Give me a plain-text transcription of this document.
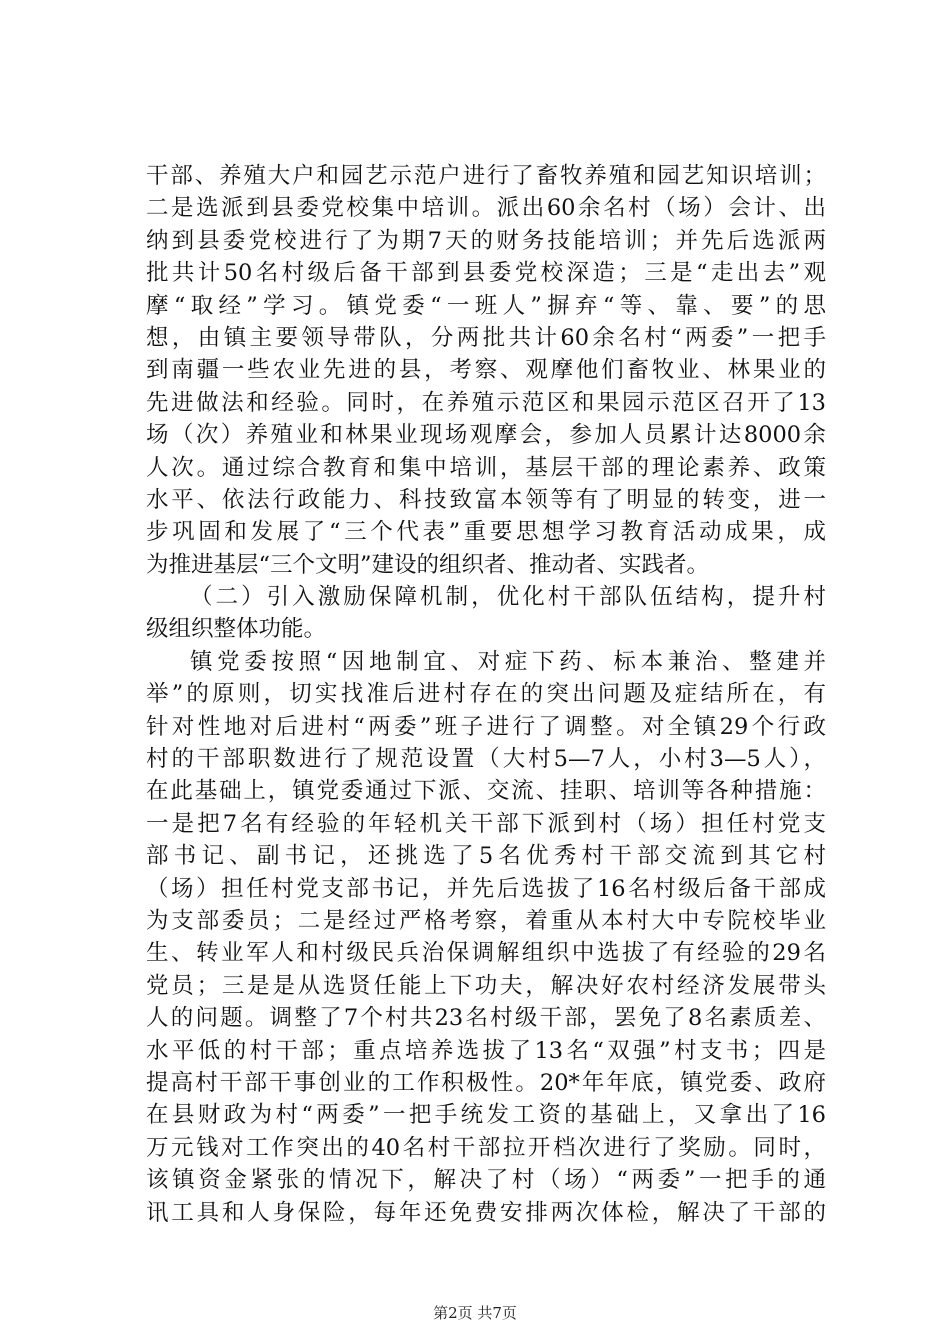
干部、养殖大户和园艺示范户进行了畜牧养殖和园艺知识培训；
二是选派到县委党校集中培训。派出60余名村（场）会计、出
纳到县委党校进行了为期7天的财务技能培训；并先后选派两
批共计50名村级后备干部到县委党校深造；三是“走出去”观
摩“取经”学习。镇党委“一班人”摒弃“等、靠、要”的思
想，由镇主要领导带队，分两批共计60余名村“两委”一把手
到南疆一些农业先进的县，考察、观摩他们畜牧业、林果业的
先进做法和经验。同时，在养殖示范区和果园示范区召开了13
场（次）养殖业和林果业现场观摩会，参加人员累计达8000余
人次。通过综合教育和集中培训，基层干部的理论素养、政策
水平、依法行政能力、科技致富本领等有了明显的转变，进一
步巩固和发展了“三个代表”重要思想学习教育活动成果，成
为推进基层“三个文明”建设的组织者、推动者、实践者。
（二）引入激励保障机制，优化村干部队伍结构，提升村
级组织整体功能。
镇党委按照“因地制宜、对症下药、标本兼治、整建并
举”的原则，切实找准后进村存在的突出问题及症结所在，有
针对性地对后进村“两委”班子进行了调整。对全镇29个行政
村的干部职数进行了规范设置（大村5—7人，小村3—5人），
在此基础上，镇党委通过下派、交流、挂职、培训等各种措施：
一是把7名有经验的年轻机关干部下派到村（场）担任村党支
部书记、副书记，还挑选了5名优秀村干部交流到其它村
（场）担任村党支部书记，并先后选拔了16名村级后备干部成
为支部委员；二是经过严格考察，着重从本村大中专院校毕业
生、转业军人和村级民兵治保调解组织中选拔了有经验的29名
党员；三是是从选贤任能上下功夫，解决好农村经济发展带头
人的问题。调整了7个村共23名村级干部，罢免了8名素质差、
水平低的村干部；重点培养选拔了13名“双强”村支书；四是
提高村干部干事创业的工作积极性。20*年年底，镇党委、政府
在县财政为村“两委”一把手统发工资的基础上，又拿出了16
万元钱对工作突出的40名村干部拉开档次进行了奖励。同时，
该镇资金紧张的情况下，解决了村（场）“两委”一把手的通
讯工具和人身保险，每年还免费安排两次体检，解决了干部的
第2页 共7页
